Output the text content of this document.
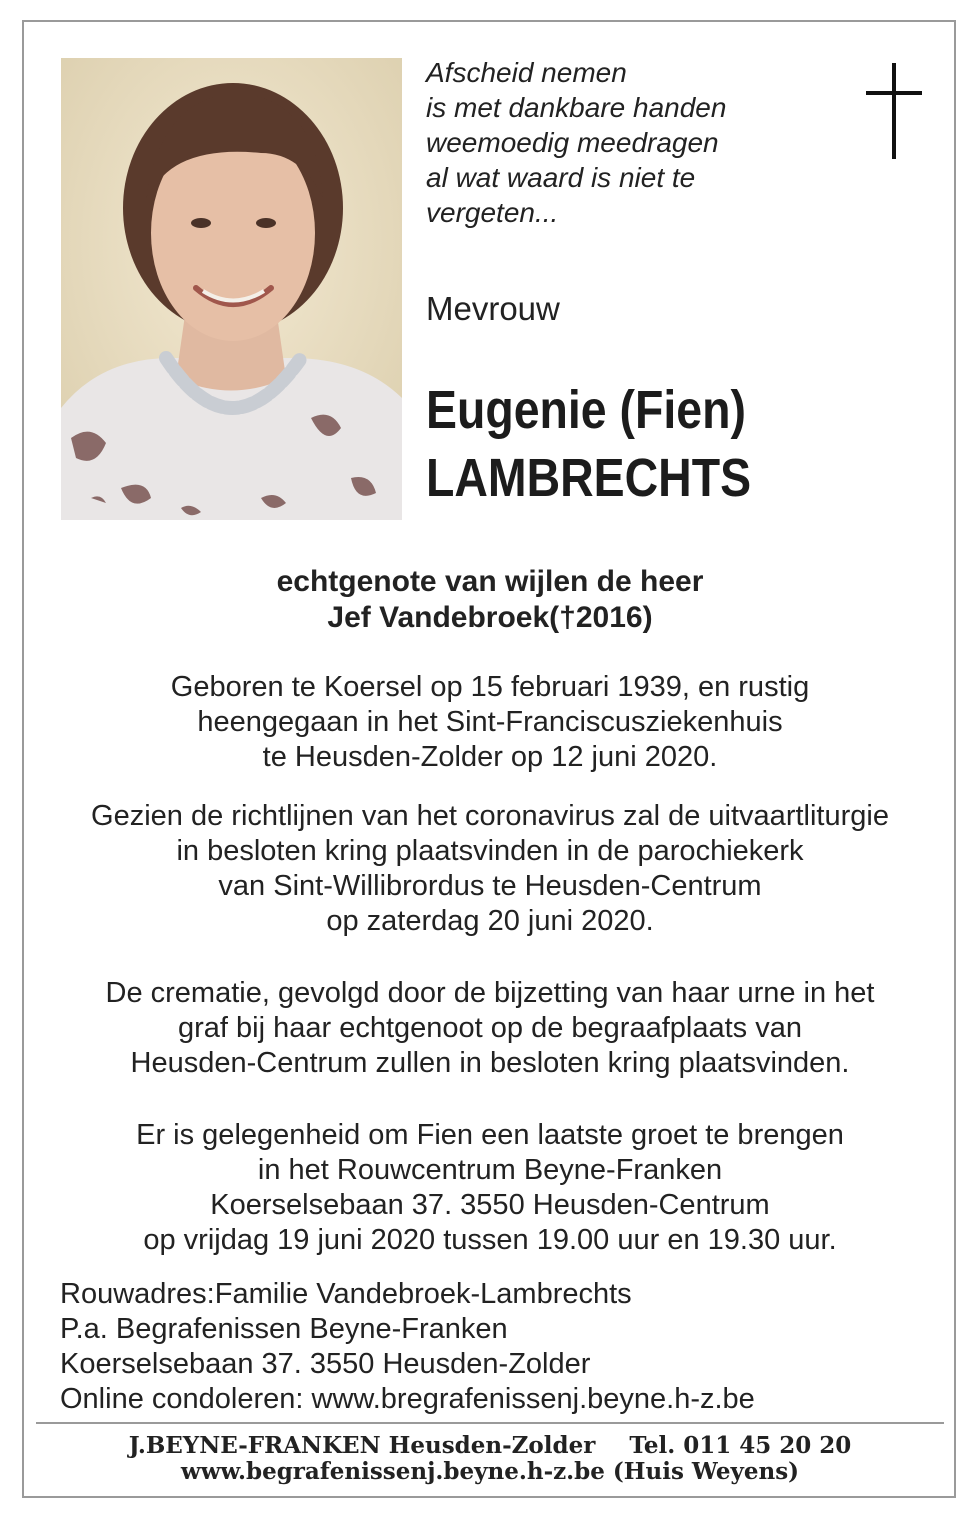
Afscheid nemen
is met dankbare handen
weemoedig meedragen
al wat waard is niet te
vergeten...
Mevrouw
Eugenie (Fien)
LAMBRECHTS
echtgenote van wijlen de heer
Jef Vandebroek(†2016)
Geboren te Koersel op 15 februari 1939, en rustig
heengegaan in het Sint-Franciscusziekenhuis
te Heusden-Zolder op 12 juni 2020.
Gezien de richtlijnen van het coronavirus zal de uitvaartliturgie
in besloten kring plaatsvinden in de parochiekerk
van Sint-Willibrordus te Heusden-Centrum
op zaterdag 20 juni 2020.
De crematie, gevolgd door de bijzetting van haar urne in het
graf bij haar echtgenoot op de begraafplaats van
Heusden-Centrum zullen in besloten kring plaatsvinden.
Er is gelegenheid om Fien een laatste groet te brengen
in het Rouwcentrum Beyne-Franken
Koerselsebaan 37. 3550 Heusden-Centrum
op vrijdag 19 juni 2020 tussen 19.00 uur en 19.30 uur.
Rouwadres:Familie Vandebroek-Lambrechts
P.a. Begrafenissen Beyne-Franken
Koerselsebaan 37. 3550 Heusden-Zolder
Online condoleren: www.bregrafenissenj.beyne.h-z.be
J.BEYNE-FRANKEN Heusden-Zolder Tel. 011 45 20 20
www.begrafenissenj.beyne.h-z.be (Huis Weyens)
